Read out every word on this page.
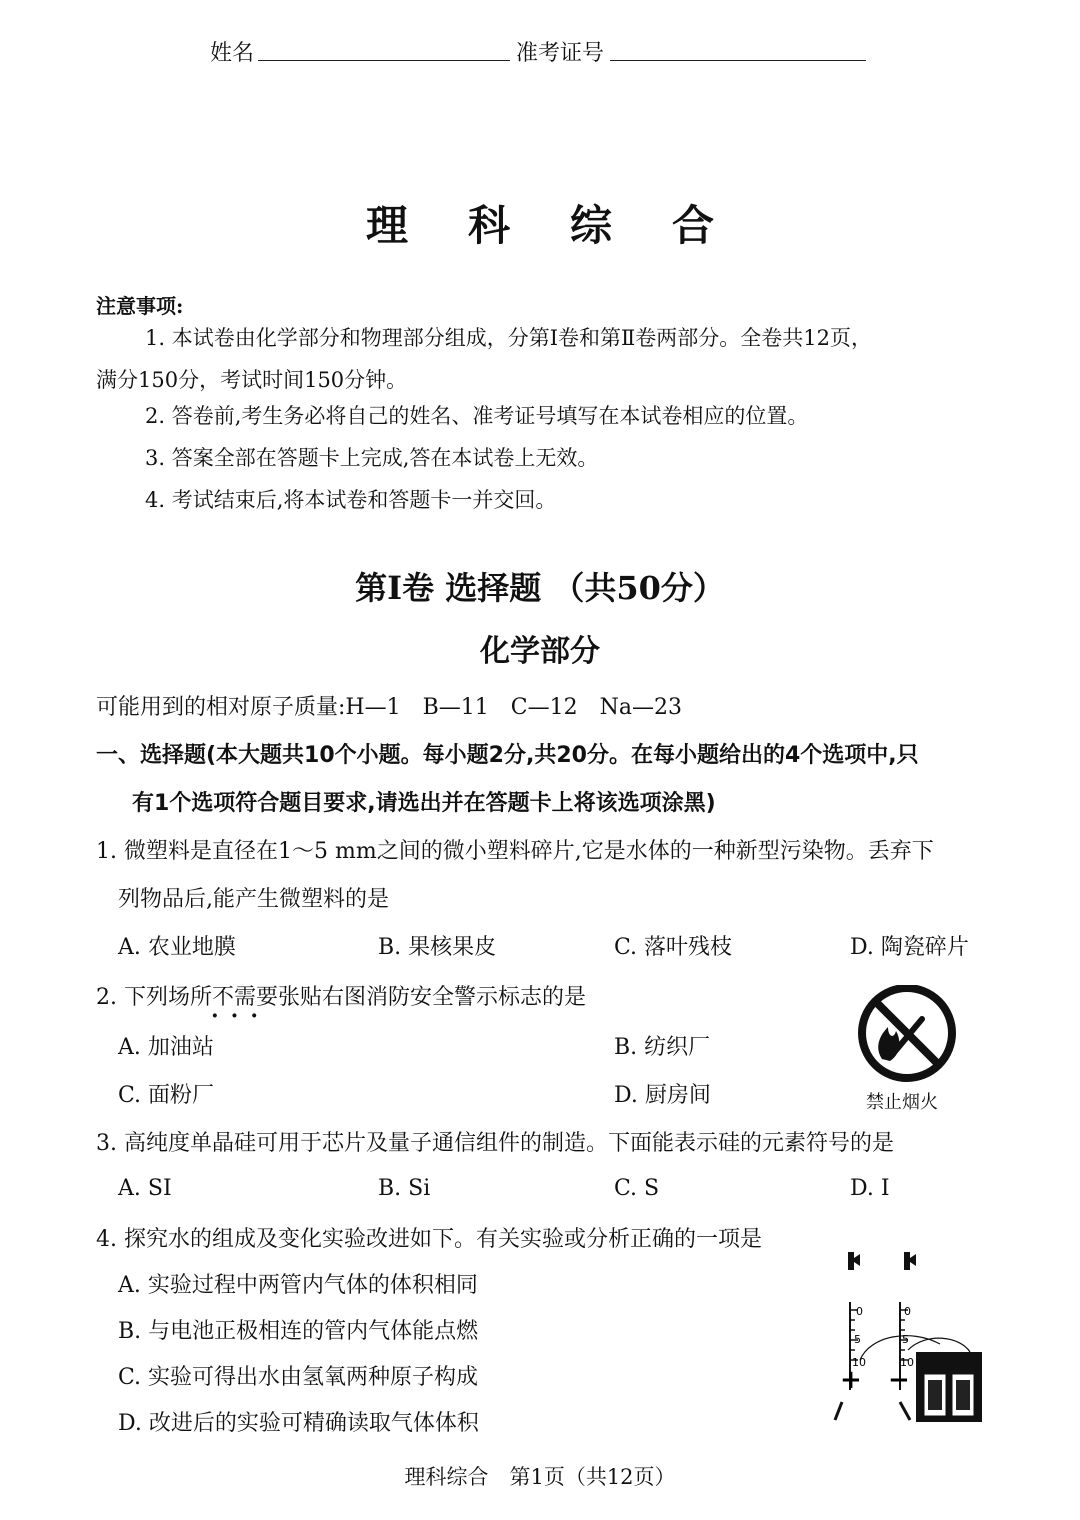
姓名	准考证号
理科综合
注意事项:
1. 本试卷由化学部分和物理部分组成，分第Ⅰ卷和第Ⅱ卷两部分。全卷共12页，
满分150分，考试时间150分钟。
2. 答卷前,考生务必将自己的姓名、准考证号填写在本试卷相应的位置。
3. 答案全部在答题卡上完成,答在本试卷上无效。
4. 考试结束后,将本试卷和答题卡一并交回。
第Ⅰ卷 选择题 （共50分）
化学部分
可能用到的相对原子质量:H—1　B—11　C—12　Na—23
一、选择题(本大题共10个小题。每小题2分,共20分。在每小题给出的4个选项中,只
有1个选项符合题目要求,请选出并在答题卡上将该选项涂黑)
1. 微塑料是直径在1～5 mm之间的微小塑料碎片,它是水体的一种新型污染物。丢弃下
列物品后,能产生微塑料的是
A. 农业地膜	B. 果核果皮	C. 落叶残枝	D. 陶瓷碎片
2. 下列场所不需要张贴右图消防安全警示标志的是
···
A. 加油站	B. 纺织厂
C. 面粉厂	D. 厨房间	禁止烟火
3. 高纯度单晶硅可用于芯片及量子通信组件的制造。下面能表示硅的元素符号的是
A. SI	B. Si	C. S	D. I
4. 探究水的组成及变化实验改进如下。有关实验或分析正确的一项是
A. 实验过程中两管内气体的体积相同
B. 与电池正极相连的管内气体能点燃
C. 实验可得出水由氢氧两种原子构成
D. 改进后的实验可精确读取气体体积
0
5
10
0
5
10
+ −
理科综合　第1页（共12页）
